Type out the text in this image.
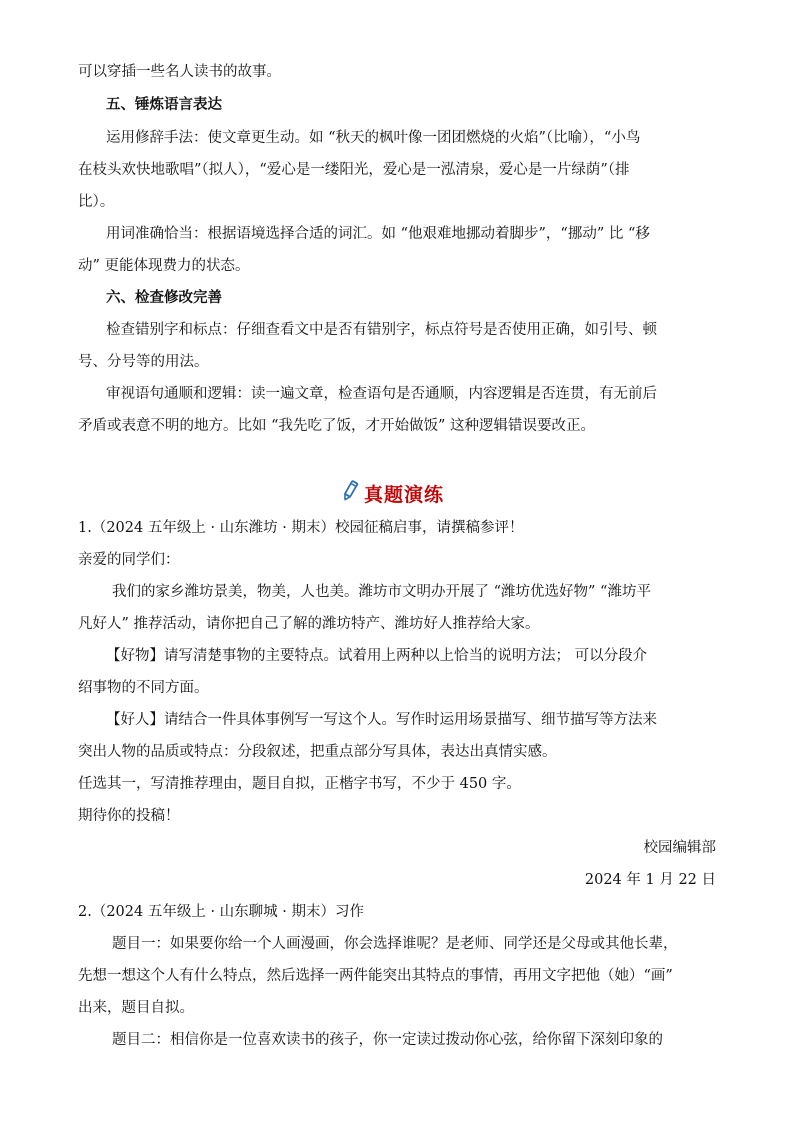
可以穿插一些名人读书的故事。
五、锤炼语言表达
运用修辞手法：使文章更生动。如 “秋天的枫叶像一团团燃烧的火焰”（比喻），“小鸟
在枝头欢快地歌唱”（拟人），“爱心是一缕阳光，爱心是一泓清泉，爱心是一片绿荫”（排
比）。
用词准确恰当：根据语境选择合适的词汇。如 “他艰难地挪动着脚步”，“挪动” 比 “移
动” 更能体现费力的状态。
六、检查修改完善
检查错别字和标点：仔细查看文中是否有错别字，标点符号是否使用正确，如引号、顿
号、分号等的用法。
审视语句通顺和逻辑：读一遍文章，检查语句是否通顺，内容逻辑是否连贯，有无前后
矛盾或表意不明的地方。比如 “我先吃了饭，才开始做饭” 这种逻辑错误要改正。
真题演练
1.（2024 五年级上 · 山东潍坊 · 期末）校园征稿启事，请撰稿参评！
亲爱的同学们：
我们的家乡潍坊景美，物美，人也美。潍坊市文明办开展了 “潍坊优选好物” “潍坊平
凡好人” 推荐活动，请你把自己了解的潍坊特产、潍坊好人推荐给大家。
【好物】请写清楚事物的主要特点。试着用上两种以上恰当的说明方法； 可以分段介
绍事物的不同方面。
【好人】请结合一件具体事例写一写这个人。写作时运用场景描写、细节描写等方法来
突出人物的品质或特点：分段叙述，把重点部分写具体，表达出真情实感。
任选其一，写清推荐理由，题目自拟，正楷字书写，不少于 450 字。
期待你的投稿！
校园编辑部
2024 年 1 月 22 日
2.（2024 五年级上 · 山东聊城 · 期末）习作
题目一：如果要你给一个人画漫画，你会选择谁呢？是老师、同学还是父母或其他长辈，
先想一想这个人有什么特点，然后选择一两件能突出其特点的事情，再用文字把他（她）“画”
出来，题目自拟。
题目二：相信你是一位喜欢读书的孩子，你一定读过拨动你心弦，给你留下深刻印象的
